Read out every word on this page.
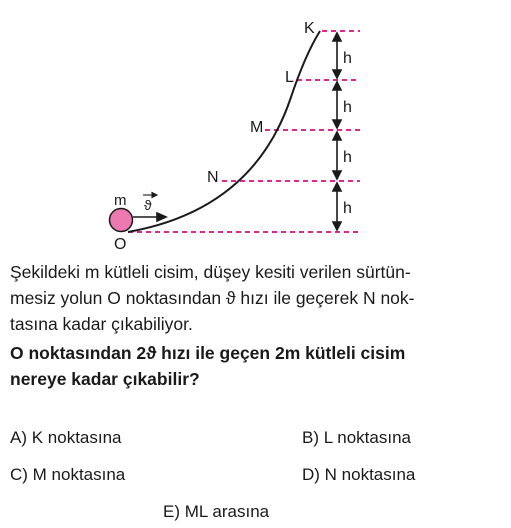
h
h
h
h
K
L
M
N
O
m ϑ
Şekildeki m kütleli cisim, düşey kesiti verilen sürtün-
mesiz yolun O noktasından ϑ hızı ile geçerek N nok-
tasına kadar çıkabiliyor.
O noktasından 2ϑ hızı ile geçen 2m kütleli cisim
nereye kadar çıkabilir?
A) K noktasına	B) L noktasına
C) M noktasına	D) N noktasına
E) ML arasına
